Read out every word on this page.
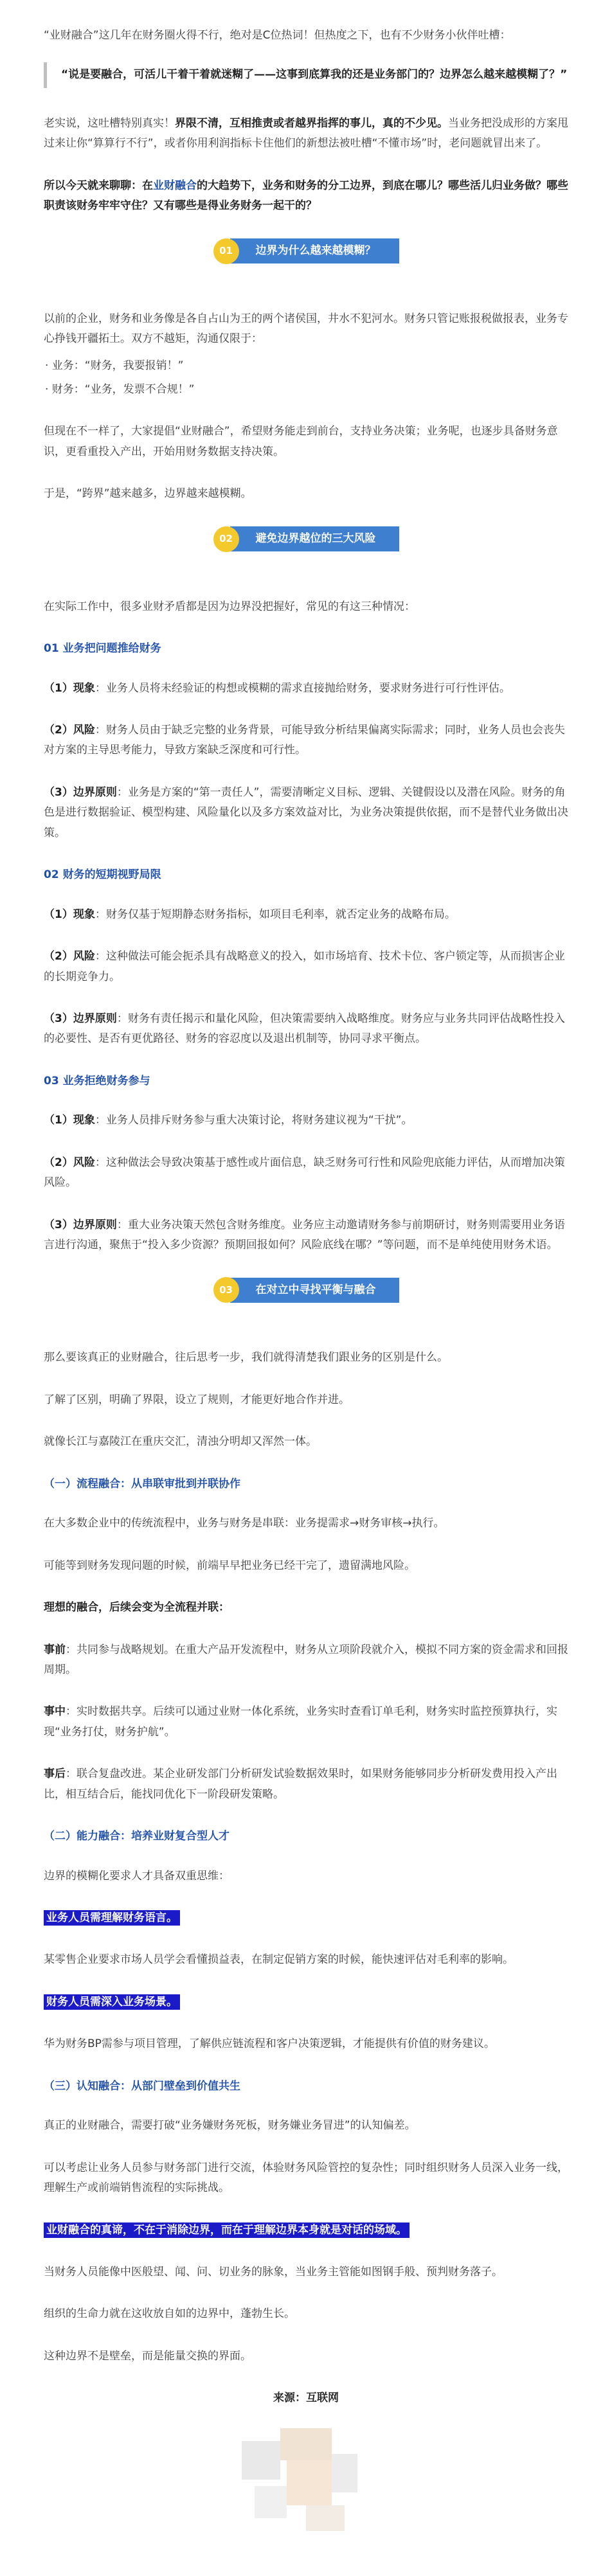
“业财融合”这几年在财务圈火得不行，绝对是C位热词！但热度之下，也有不少财务小伙伴吐槽：

“说是要融合，可活儿干着干着就迷糊了——这事到底算我的还是业务部门的？边界怎么越来越模糊了？”

老实说，这吐槽特别真实！界限不清，互相推责或者越界指挥的事儿，真的不少见。当业务把没成形的方案甩过来让你“算算行不行”，或者你用利润指标卡住他们的新想法被吐槽“不懂市场”时，老问题就冒出来了。

所以今天就来聊聊：在业财融合的大趋势下，业务和财务的分工边界，到底在哪儿？哪些活儿归业务做？哪些职责该财务牢牢守住？又有哪些是得业务财务一起干的？

01	边界为什么越来越模糊？

以前的企业，财务和业务像是各自占山为王的两个诸侯国，井水不犯河水。财务只管记账报税做报表，业务专心挣钱开疆拓土。双方不越矩，沟通仅限于：

· 业务：“财务，我要报销！”
· 财务：“业务，发票不合规！”

但现在不一样了，大家提倡“业财融合”，希望财务能走到前台，支持业务决策；业务呢，也逐步具备财务意识，更看重投入产出，开始用财务数据支持决策。

于是，“跨界”越来越多，边界越来越模糊。

02	避免边界越位的三大风险

在实际工作中，很多业财矛盾都是因为边界没把握好，常见的有这三种情况：

01 业务把问题推给财务

（1）现象：业务人员将未经验证的构想或模糊的需求直接抛给财务，要求财务进行可行性评估。

（2）风险：财务人员由于缺乏完整的业务背景，可能导致分析结果偏离实际需求；同时，业务人员也会丧失对方案的主导思考能力，导致方案缺乏深度和可行性。

（3）边界原则：业务是方案的“第一责任人”，需要清晰定义目标、逻辑、关键假设以及潜在风险。财务的角色是进行数据验证、模型构建、风险量化以及多方案效益对比，为业务决策提供依据，而不是替代业务做出决策。

02 财务的短期视野局限

（1）现象：财务仅基于短期静态财务指标，如项目毛利率，就否定业务的战略布局。

（2）风险：这种做法可能会扼杀具有战略意义的投入，如市场培育、技术卡位、客户锁定等，从而损害企业的长期竞争力。

（3）边界原则：财务有责任揭示和量化风险，但决策需要纳入战略维度。财务应与业务共同评估战略性投入的必要性、是否有更优路径、财务的容忍度以及退出机制等，协同寻求平衡点。

03 业务拒绝财务参与

（1）现象：业务人员排斥财务参与重大决策讨论，将财务建议视为“干扰”。

（2）风险：这种做法会导致决策基于感性或片面信息，缺乏财务可行性和风险兜底能力评估，从而增加决策风险。

（3）边界原则：重大业务决策天然包含财务维度。业务应主动邀请财务参与前期研讨，财务则需要用业务语言进行沟通，聚焦于“投入多少资源？预期回报如何？风险底线在哪？”等问题，而不是单纯使用财务术语。

03	在对立中寻找平衡与融合

那么要该真正的业财融合，往后思考一步，我们就得清楚我们跟业务的区别是什么。

了解了区别，明确了界限，设立了规则，才能更好地合作并进。

就像长江与嘉陵江在重庆交汇，清浊分明却又浑然一体。

（一）流程融合：从串联审批到并联协作

在大多数企业中的传统流程中，业务与财务是串联：业务提需求→财务审核→执行。

可能等到财务发现问题的时候，前端早早把业务已经干完了，遗留满地风险。

理想的融合，后续会变为全流程并联：

事前：共同参与战略规划。在重大产品开发流程中，财务从立项阶段就介入，模拟不同方案的资金需求和回报周期。

事中：实时数据共享。后续可以通过业财一体化系统，业务实时查看订单毛利，财务实时监控预算执行，实现“业务打仗，财务护航”。

事后：联合复盘改进。某企业研发部门分析研发试验数据效果时，如果财务能够同步分析研发费用投入产出比，相互结合后，能找同优化下一阶段研发策略。

（二）能力融合：培养业财复合型人才

边界的模糊化要求人才具备双重思维：

业务人员需理解财务语言。

某零售企业要求市场人员学会看懂损益表，在制定促销方案的时候，能快速评估对毛利率的影响。

财务人员需深入业务场景。

华为财务BP需参与项目管理，了解供应链流程和客户决策逻辑，才能提供有价值的财务建议。

（三）认知融合：从部门壁垒到价值共生

真正的业财融合，需要打破“业务嫌财务死板，财务嫌业务冒进”的认知偏差。

可以考虑让业务人员参与财务部门进行交流，体验财务风险管控的复杂性；同时组织财务人员深入业务一线，理解生产或前端销售流程的实际挑战。

业财融合的真谛，不在于消除边界，而在于理解边界本身就是对话的场域。

当财务人员能像中医般望、闻、问、切业务的脉象，当业务主管能如图钢手般、预判财务落子。

组织的生命力就在这收放自如的边界中，蓬勃生长。

这种边界不是壁垒，而是能量交换的界面。

来源：互联网
